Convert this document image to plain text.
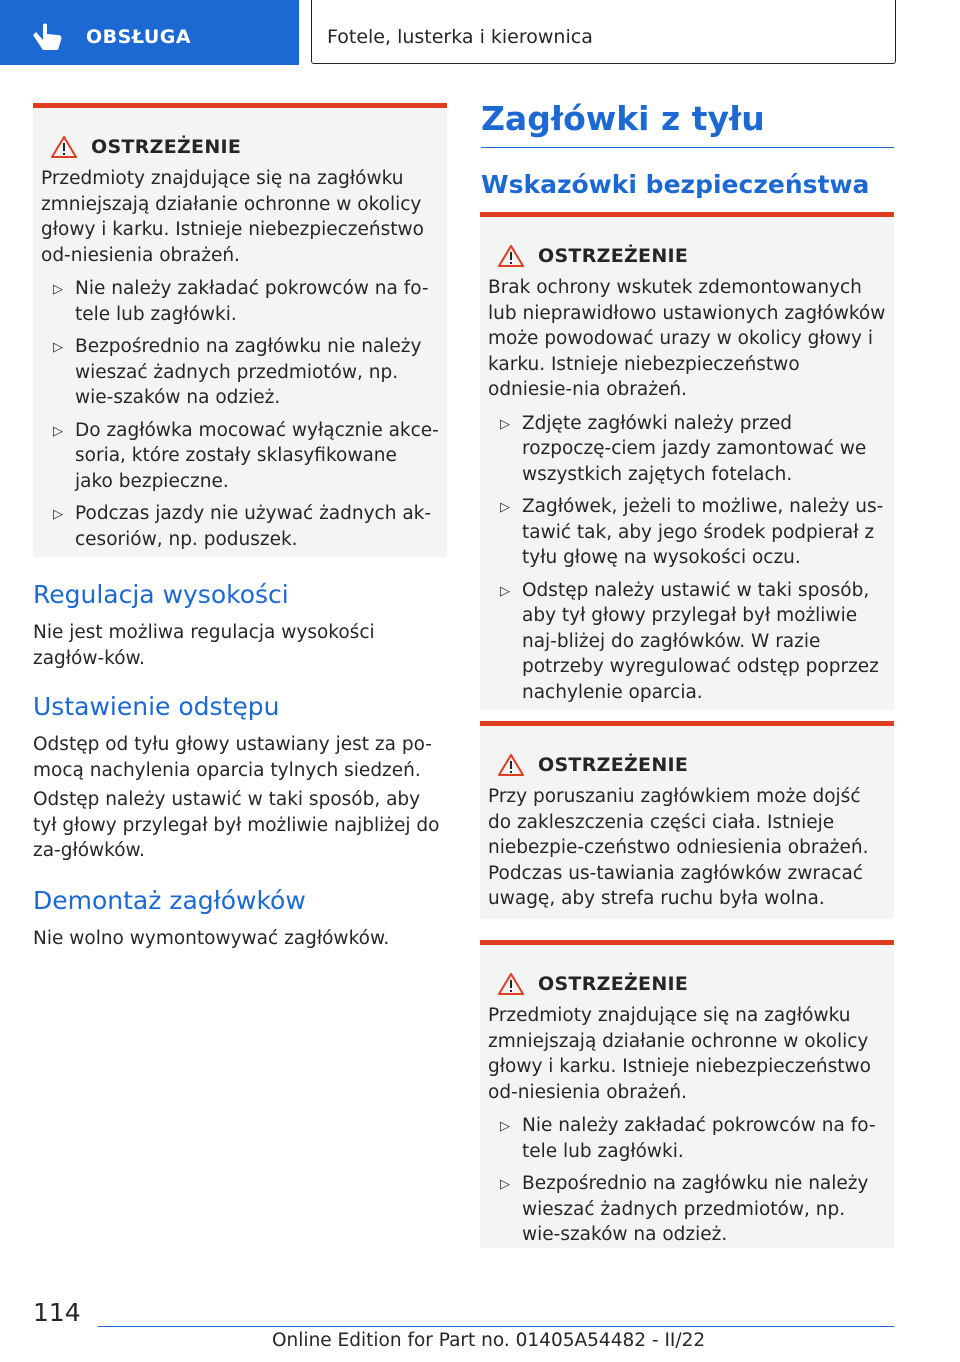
OBSŁUGA	Fotele, lusterka i kierownica
OSTRZEŻENIE

Przedmioty znajdujące się na zagłówku zmniejszają działanie ochronne w okolicy głowy i karku. Istnieje niebezpieczeństwo od-niesienia obrażeń.

▷ Nie należy zakładać pokrowców na fo-tele lub zagłówki.
▷ Bezpośrednio na zagłówku nie należy wieszać żadnych przedmiotów, np. wie-szaków na odzież.
▷ Do zagłówka mocować wyłącznie akce-soria, które zostały sklasyfikowane jako bezpieczne.
▷ Podczas jazdy nie używać żadnych ak-cesoriów, np. poduszek.
Regulacja wysokości

Nie jest możliwa regulacja wysokości zagłów-ków.

Ustawienie odstępu

Odstęp od tyłu głowy ustawiany jest za po-mocą nachylenia oparcia tylnych siedzeń.

Odstęp należy ustawić w taki sposób, aby tył głowy przylegał był możliwie najbliżej do za-główków.

Demontaż zagłówków

Nie wolno wymontowywać zagłówków.

Zagłówki z tyłu
Wskazówki bezpieczeństwa
OSTRZEŻENIE

Brak ochrony wskutek zdemontowanych lub nieprawidłowo ustawionych zagłówków może powodować urazy w okolicy głowy i karku. Istnieje niebezpieczeństwo odniesie-nia obrażeń.

▷ Zdjęte zagłówki należy przed rozpoczę-ciem jazdy zamontować we wszystkich zajętych fotelach.
▷ Zagłówek, jeżeli to możliwe, należy us-tawić tak, aby jego środek podpierał z tyłu głowę na wysokości oczu.
▷ Odstęp należy ustawić w taki sposób, aby tył głowy przylegał był możliwie naj-bliżej do zagłówków. W razie potrzeby wyregulować odstęp poprzez nachylenie oparcia.
OSTRZEŻENIE

Przy poruszaniu zagłówkiem może dojść do zakleszczenia części ciała. Istnieje niebezpie-czeństwo odniesienia obrażeń. Podczas us-tawiania zagłówków zwracać uwagę, aby strefa ruchu była wolna.

OSTRZEŻENIE

Przedmioty znajdujące się na zagłówku zmniejszają działanie ochronne w okolicy głowy i karku. Istnieje niebezpieczeństwo od-niesienia obrażeń.

▷ Nie należy zakładać pokrowców na fo-tele lub zagłówki.
▷ Bezpośrednio na zagłówku nie należy wieszać żadnych przedmiotów, np. wie-szaków na odzież.
114
Online Edition for Part no. 01405A54482 - II/22
